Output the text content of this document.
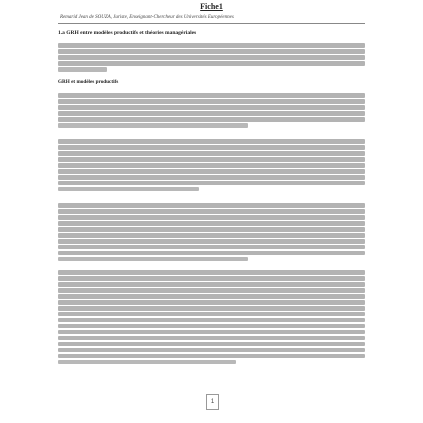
Fiche1
Remarid Jean de SOUZA, Juriste, Enseignant-Chercheur des Universités Européennes
1.a GRH entre modèles productifs et théories managériales
GRH et modèles productifs
1
